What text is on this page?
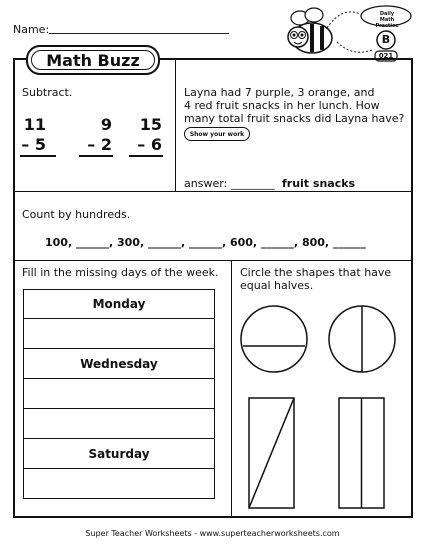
Name:
Daily Math
Practice
B
021
Math Buzz
Subtract.
11
– 5
9
– 2
15
– 6
Layna had 7 purple, 3 orange, and
4 red fruit snacks in her lunch. How
many total fruit snacks did Layna have?
Show your work
answer: ________ fruit snacks
Count by hundreds.
100, ______, 300, ______, ______, 600, ______, 800, ______
Fill in the missing days of the week.
Monday
Wednesday
Saturday
Circle the shapes that have
equal halves.
Super Teacher Worksheets - www.superteacherworksheets.com
